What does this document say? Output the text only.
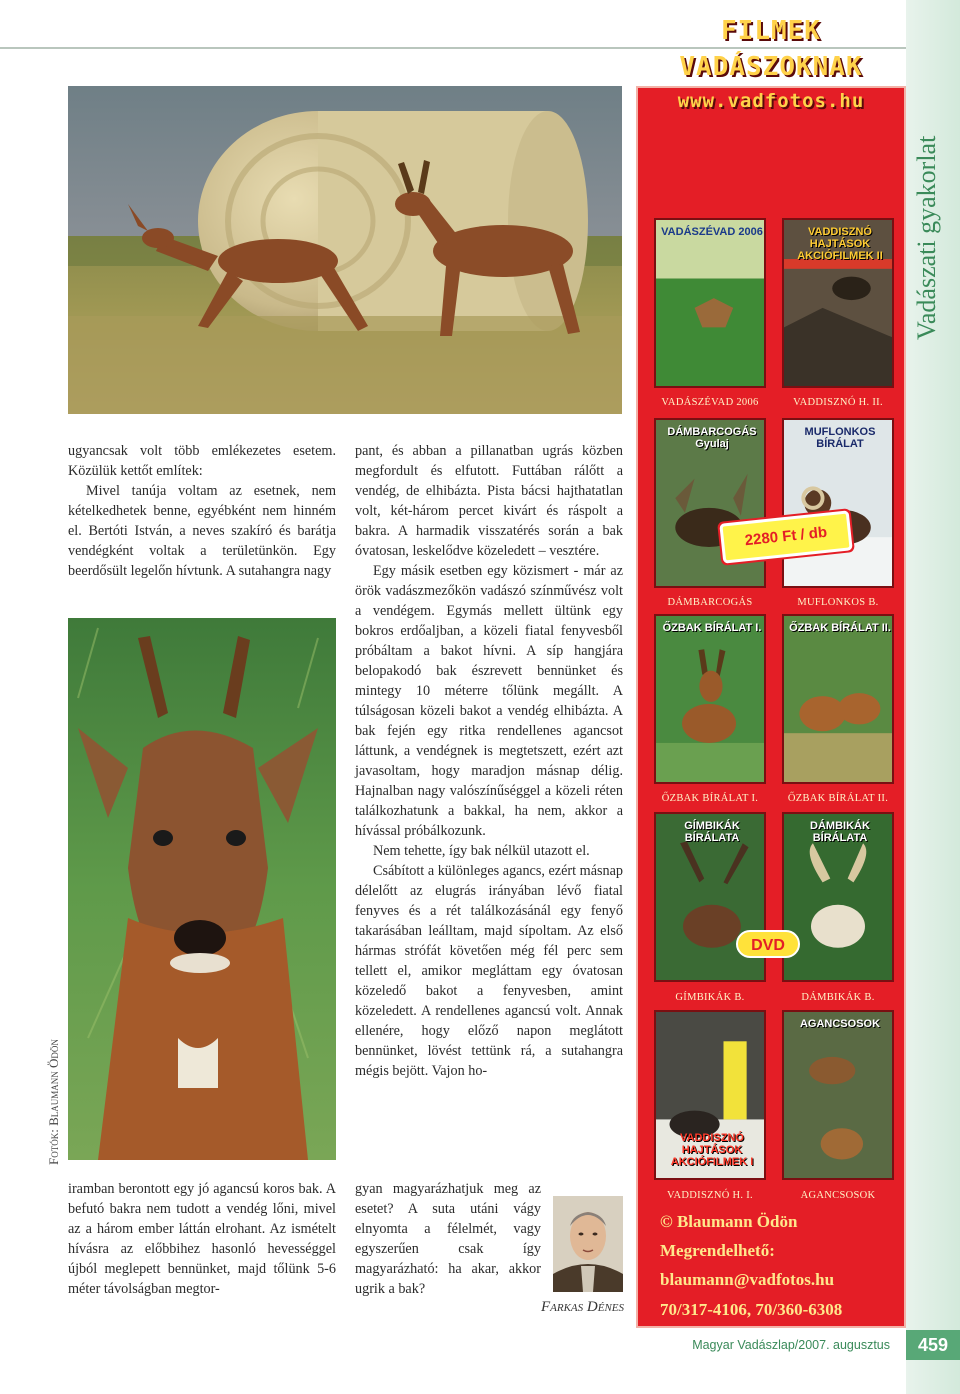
Vadászati gyakorlat
Fotók: Blaumann Ödön

ugyancsak volt több emlékezetes esetem. Közülük kettőt említek:

Mivel tanúja voltam az esetnek, nem kételkedhetek benne, egyébként nem hinném el. Bertóti István, a neves szakíró és barátja vendégként voltak a területünkön. Egy beerdősült legelőn hívtunk. A sutahangra nagy

iramban berontott egy jó agancsú koros bak. A befutó bakra nem tudott a vendég lőni, mivel az a három ember láttán elrohant. Az ismételt hívásra az előbbihez hasonló hevességgel újból meglepett bennünket, majd tőlünk 5-6 méter távolságban megtor-

pant, és abban a pillanatban ugrás közben megfordult és elfutott. Futtában rálőtt a vendég, de elhibázta. Pista bácsi hajthatatlan volt, két-három percet kivárt és ráspolt a bakra. A harmadik visszatérés során a bak óvatosan, leskelődve közeledett – vesztére.

Egy másik esetben egy közismert - már az örök vadászmezőkön vadászó színművész volt a vendégem. Egymás mellett ültünk egy bokros erdőaljban, a közeli fiatal fenyvesből próbáltam a bakot hívni. A síp hangjára belopakodó bak észrevett bennünket és mintegy 10 méterre tőlünk megállt. A túlságosan közeli bakot a vendég elhibázta. A bak fején egy ritka rendellenes agancsot láttunk, a vendégnek is megtetszett, ezért azt javasoltam, hogy maradjon másnap délig. Hajnalban nagy valószínűséggel a közeli réten találkozhatunk a bakkal, ha nem, akkor a hívással próbálkozunk.

Nem tehette, így bak nélkül utazott el.

Csábított a különleges agancs, ezért másnap délelőtt az elugrás irányában lévő fiatal fenyves és a rét találkozásánál egy fenyő takarásában leálltam, majd sípoltam. Az első hármas strófát követően még fél perc sem tellett el, amikor megláttam egy óvatosan közeledő bakot a fenyvesben, amint közeledett. A rendellenes agancsú volt. Annak ellenére, hogy előző napon meglátott bennünket, lövést tettünk rá, a sutahangra mégis bejött. Vajon ho-

gyan magyarázhatjuk meg az esetet? A suta utáni vágy elnyomta a félelmét, vagy egyszerűen csak így magyarázható: ha akar, akkor ugrik a bak?

Farkas Dénes
FILMEK
VADÁSZOKNAK
www.vadfotos.hu
VADÁSZÉVAD 2006
VADÁSZÉVAD 2006
VADDISZNÓ HAJTÁSOK AKCIÓFILMEK II
VADDISZNÓ H. II.
DÁMBARCOGÁS Gyulaj
DÁMBARCOGÁS
MUFLONKOS BÍRÁLAT
MUFLONKOS B.
2280 Ft / db
ŐZBAK BÍRÁLAT I.
ŐZBAK BÍRÁLAT I.
ŐZBAK BÍRÁLAT II.
ŐZBAK BÍRÁLAT II.
GÍMBIKÁK BÍRÁLATA
GÍMBIKÁK B.
DÁMBIKÁK BÍRÁLATA
DÁMBIKÁK B.
DVD
VADDISZNÓ HAJTÁSOK AKCIÓFILMEK I
VADDISZNÓ H. I.
AGANCSOSOK
AGANCSOSOK
© Blaumann Ödön
Megrendelhető:
blaumann@vadfotos.hu
70/317-4106, 70/360-6308
Magyar Vadászlap/2007. augusztus	459
